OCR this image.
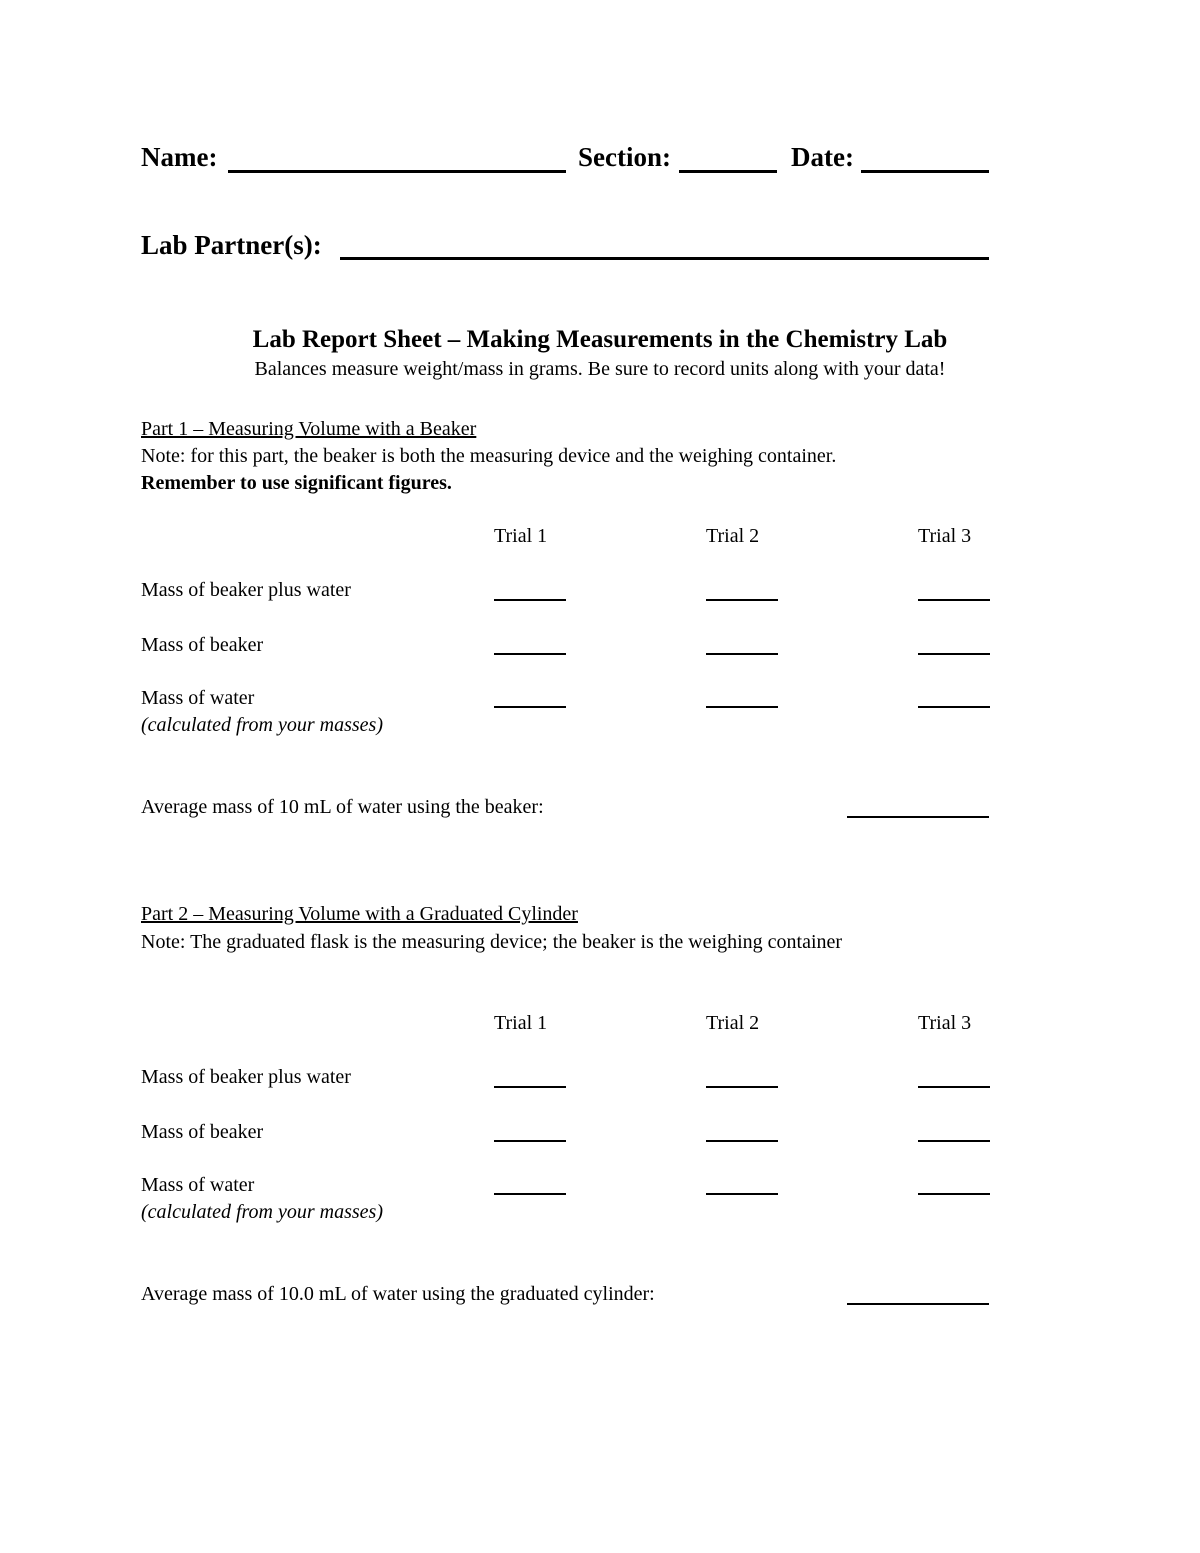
Name:	Section:	Date:
Lab Partner(s):
Lab Report Sheet – Making Measurements in the Chemistry Lab
Balances measure weight/mass in grams. Be sure to record units along with your data!
Part 1 – Measuring Volume with a Beaker
Note: for this part, the beaker is both the measuring device and the weighing container.
Remember to use significant figures.
Trial 1	Trial 2	Trial 3
Mass of beaker plus water
Mass of beaker
Mass of water
(calculated from your masses)
Average mass of 10 mL of water using the beaker:
Part 2 – Measuring Volume with a Graduated Cylinder
Note: The graduated flask is the measuring device; the beaker is the weighing container
Trial 1	Trial 2	Trial 3
Mass of beaker plus water
Mass of beaker
Mass of water
(calculated from your masses)
Average mass of 10.0 mL of water using the graduated cylinder:
